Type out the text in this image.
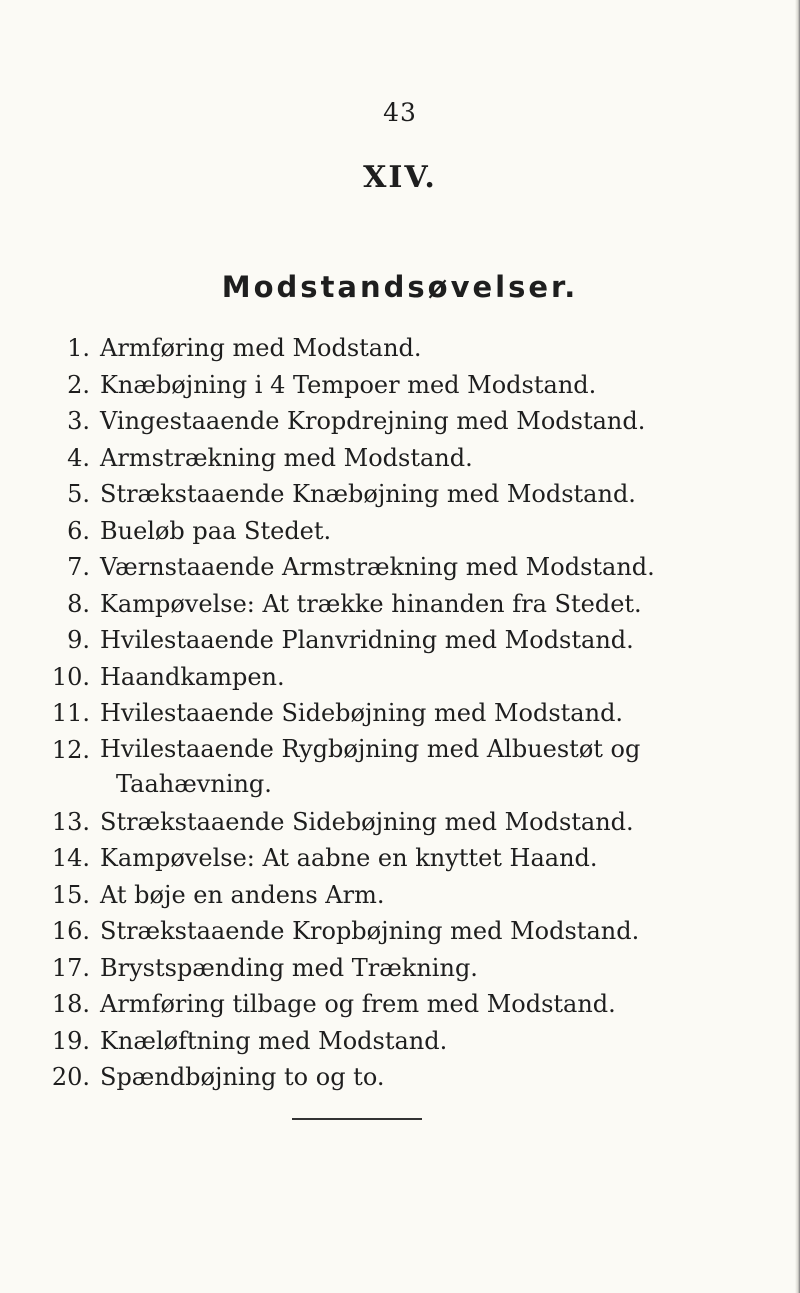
43
XIV.
Modstandsøvelser.
1. Armføring med Modstand.
2. Knæbøjning i 4 Tempoer med Modstand.
3. Vingestaaende Kropdrejning med Modstand.
4. Armstrækning med Modstand.
5. Strækstaaende Knæbøjning med Modstand.
6. Bueløb paa Stedet.
7. Værnstaaende Armstrækning med Modstand.
8. Kampøvelse: At trække hinanden fra Stedet.
9. Hvilestaaende Planvridning med Modstand.
10. Haandkampen.
11. Hvilestaaende Sidebøjning med Modstand.
12. Hvilestaaende Rygbøjning med Albuestøt og
Taahævning.
13. Strækstaaende Sidebøjning med Modstand.
14. Kampøvelse: At aabne en knyttet Haand.
15. At bøje en andens Arm.
16. Strækstaaende Kropbøjning med Modstand.
17. Brystspænding med Trækning.
18. Armføring tilbage og frem med Modstand.
19. Knæløftning med Modstand.
20. Spændbøjning to og to.
